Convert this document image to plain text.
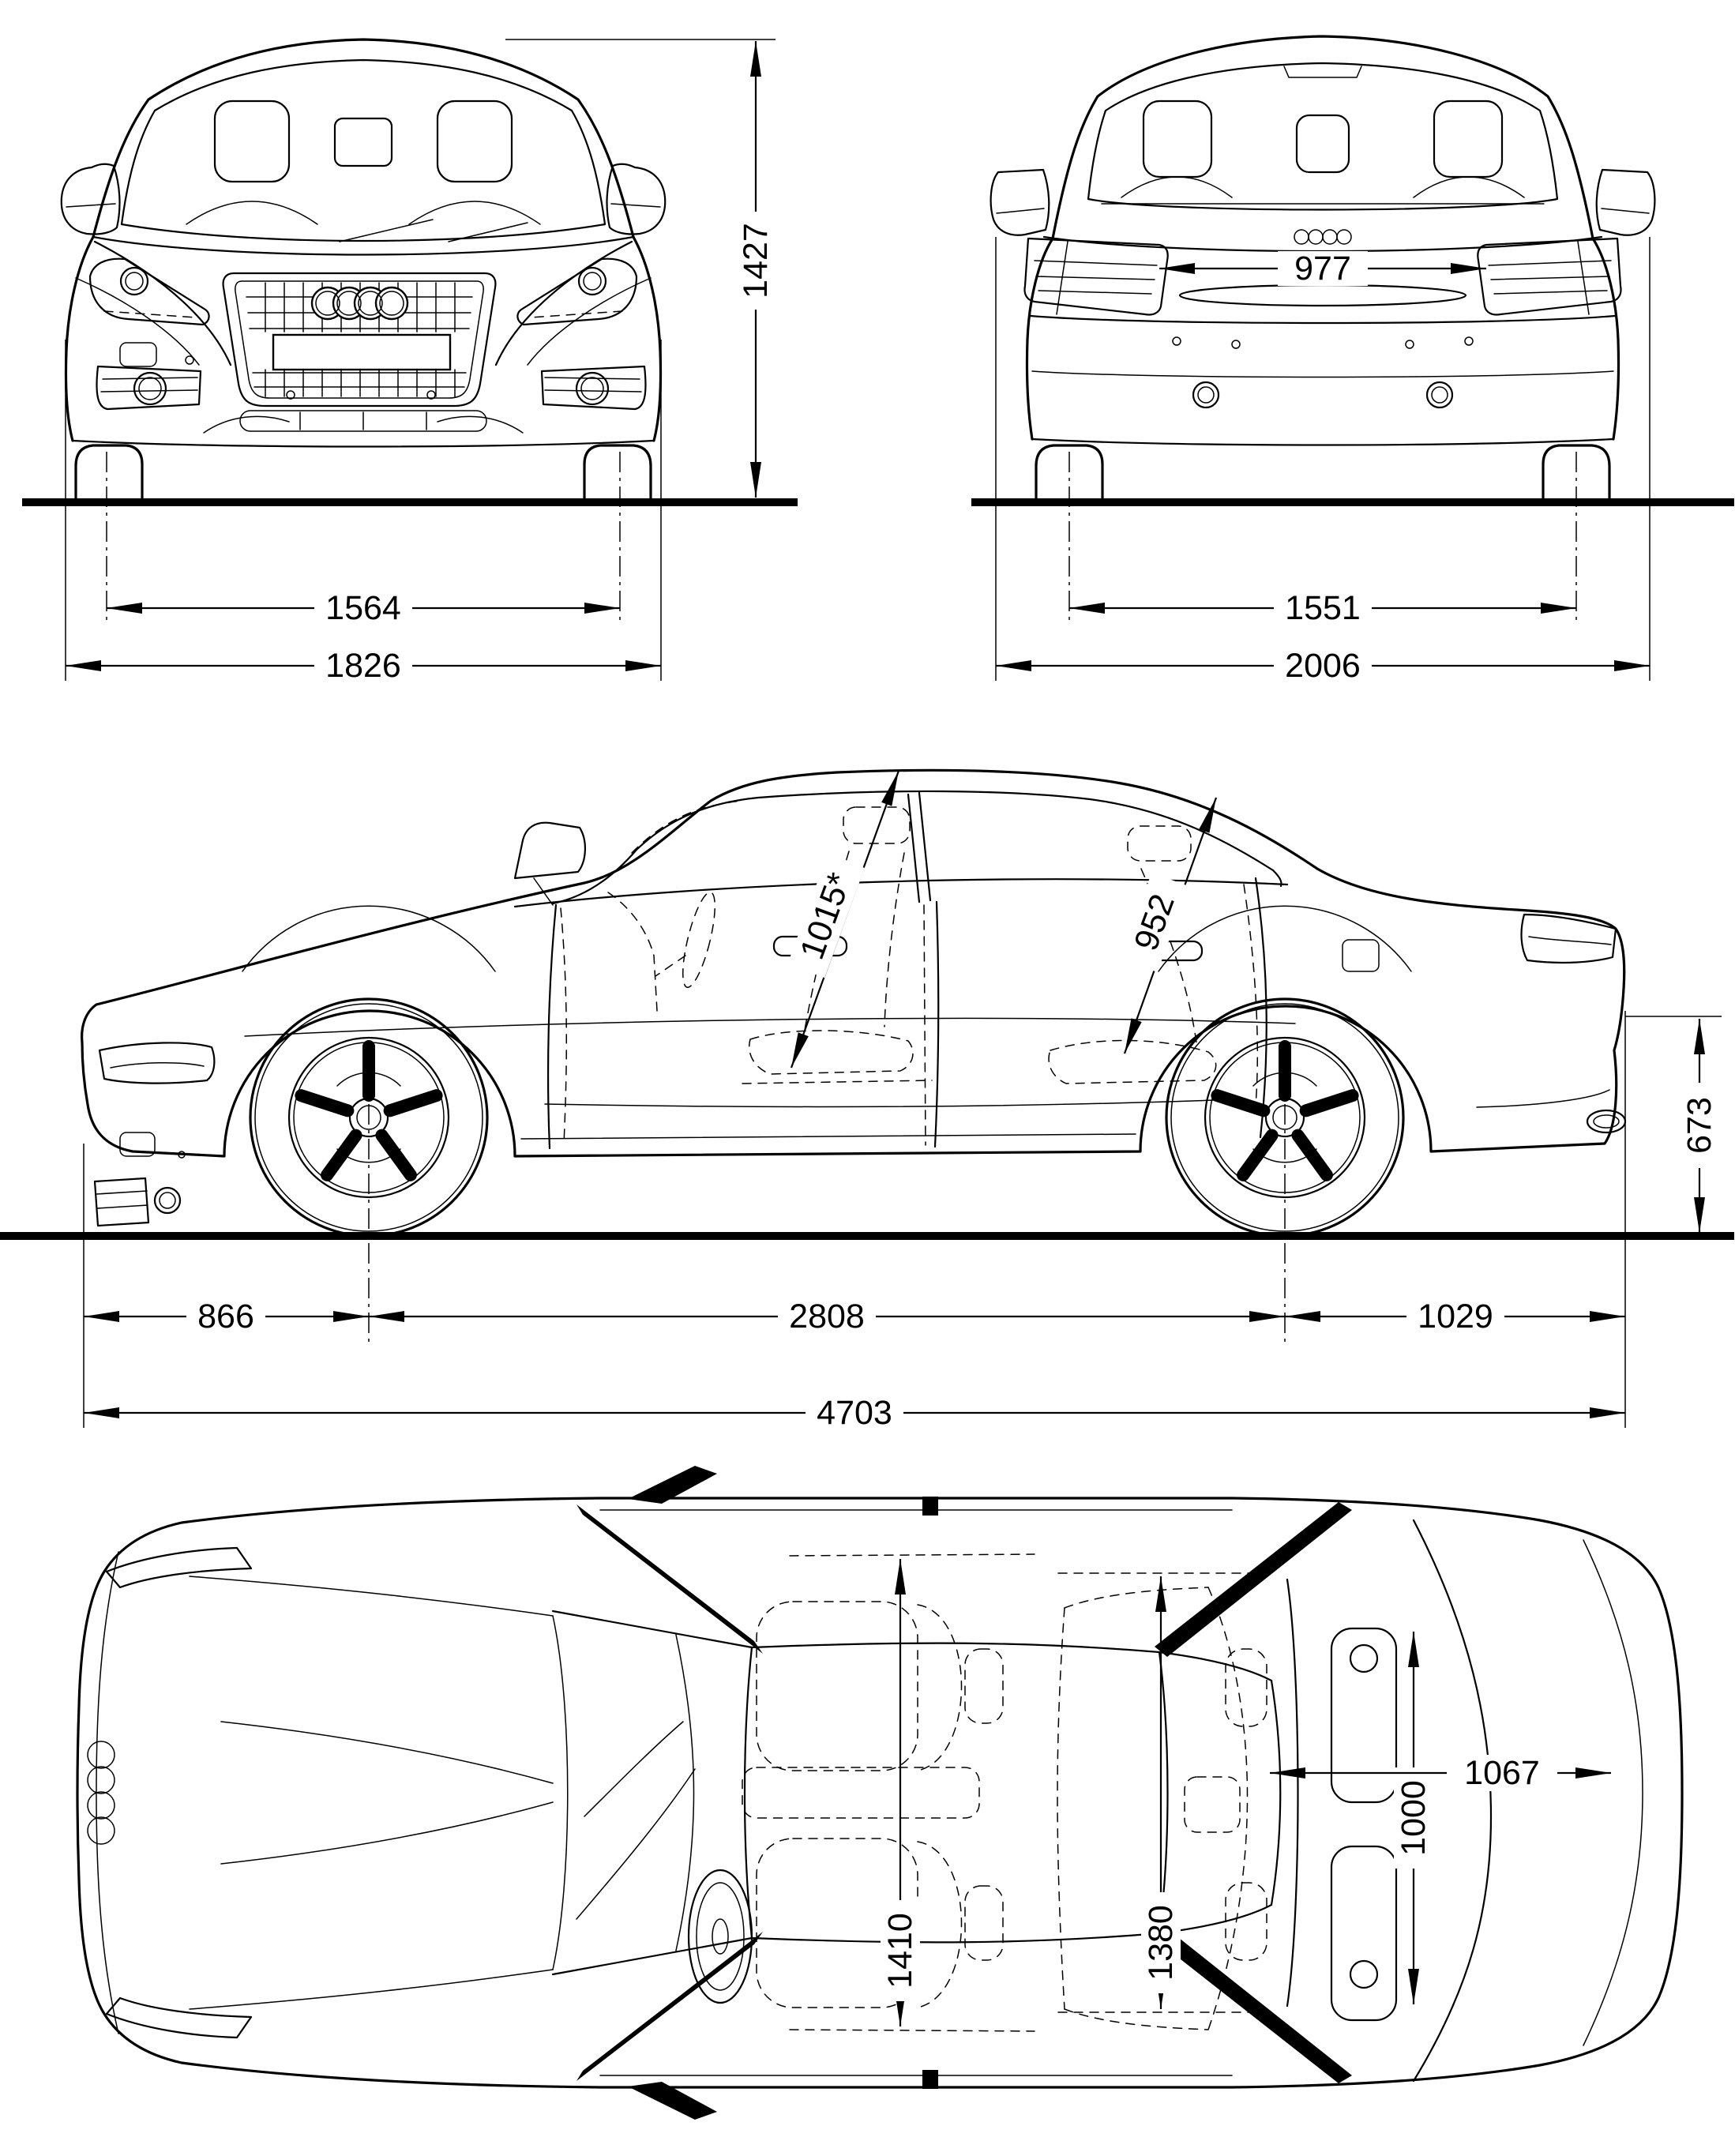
1427
1564
1826
977
1551
2006
1015*	952
673
866	2808	1029
4703
1410	1380
1000
1067
